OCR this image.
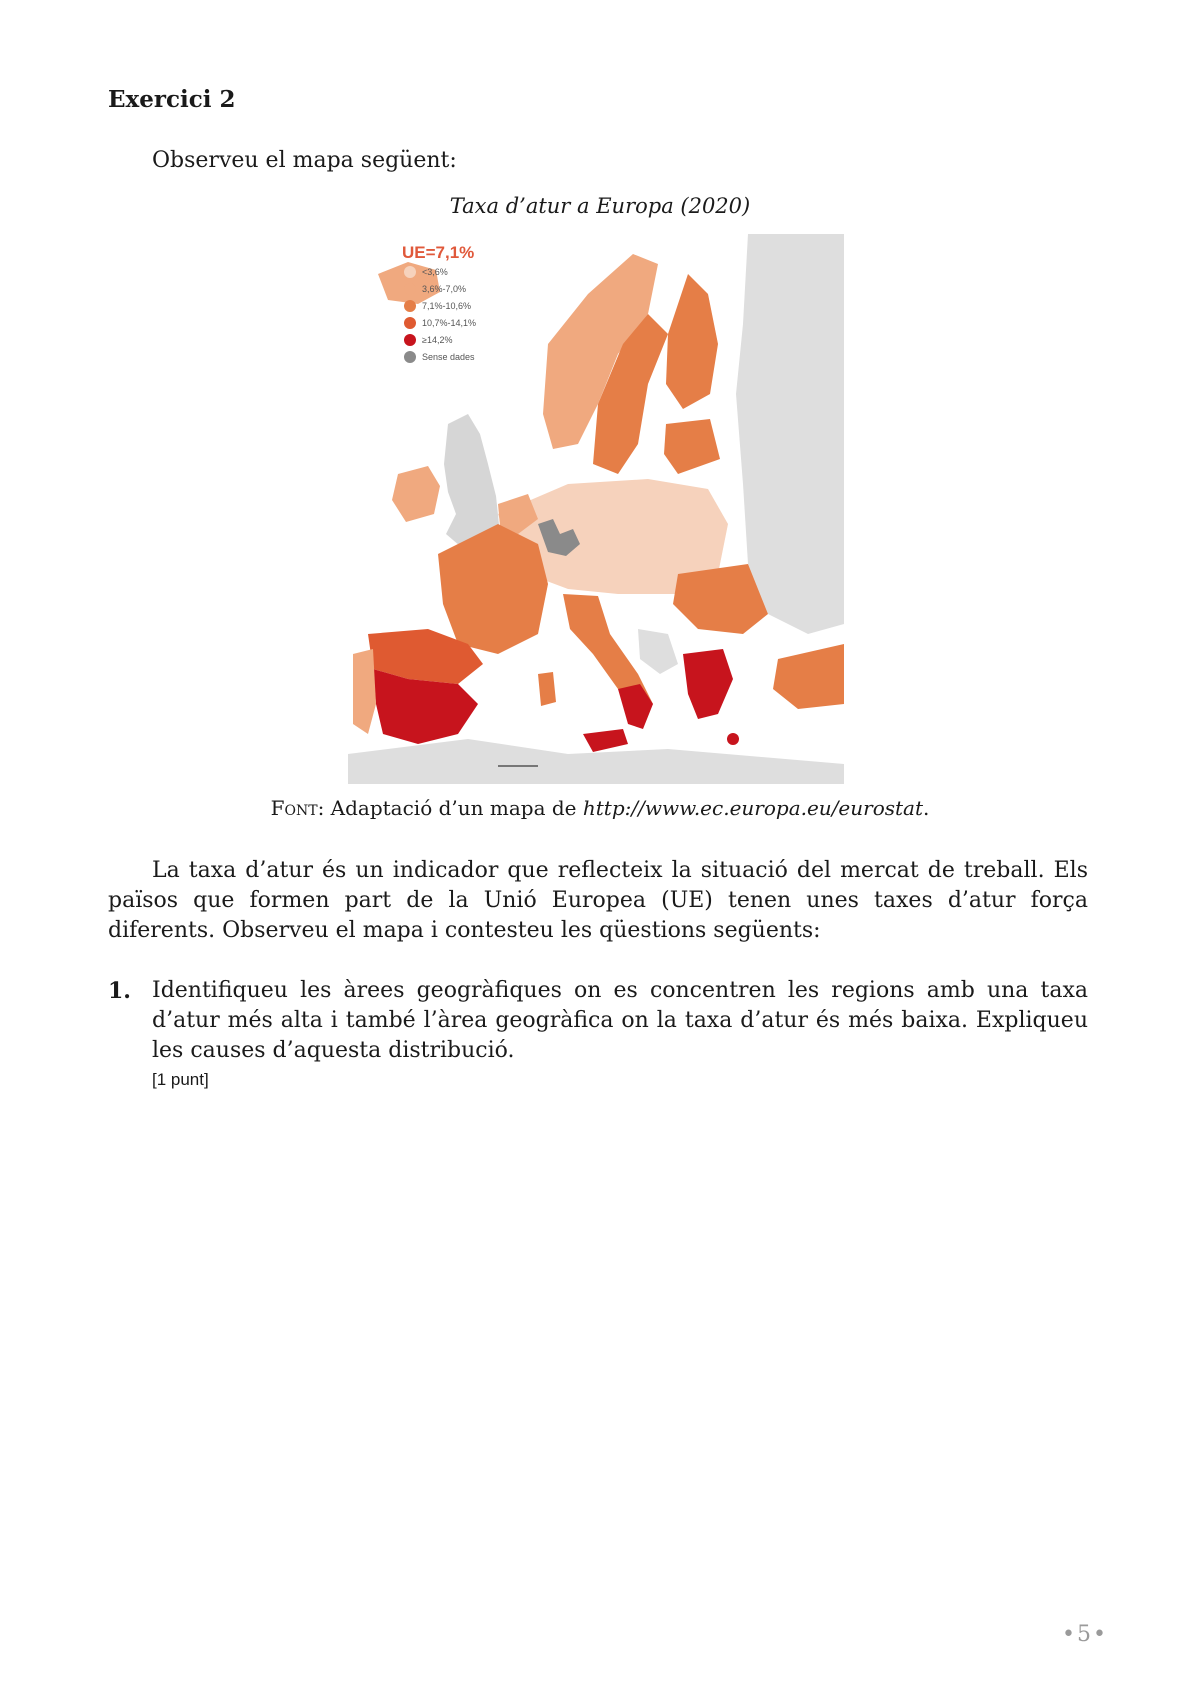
Exercici 2
Observeu el mapa següent:
Taxa d’atur a Europa (2020)
UE=7,1%
<3,6%
3,6%-7,0%
7,1%-10,6%
10,7%-14,1%
≥14,2%
Sense dades
Font: Adaptació d’un mapa de http://www.ec.europa.eu/eurostat.
La taxa d’atur és un indicador que reflecteix la situació del mercat de treball. Els països que formen part de la Unió Europea (UE) tenen unes taxes d’atur força diferents. Observeu el mapa i contesteu les qüestions següents:
1. Identifiqueu les àrees geogràfiques on es concentren les regions amb una taxa d’atur més alta i també l’àrea geogràfica on la taxa d’atur és més baixa. Expliqueu les causes d’aquesta distribució.
[1 punt]
•5•
